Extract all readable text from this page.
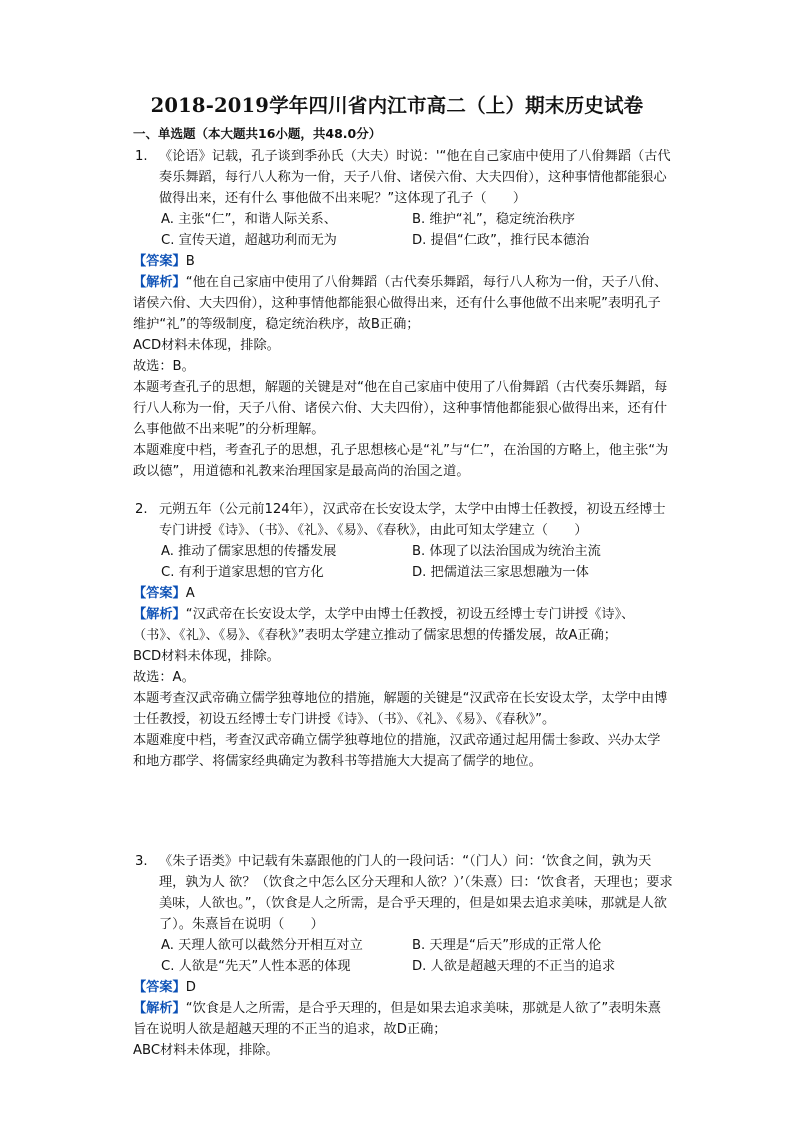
2018-2019学年四川省内江市高二（上）期末历史试卷
一、单选题（本大题共16小题，共48.0分）
1. 《论语》记载，孔子谈到季孙氏（大夫）时说：'“他在自己家庙中使用了八佾舞蹈（古代奏乐舞蹈，每行八人称为一佾，天子八佾、诸侯六佾、大夫四佾），这种事情他都能狠心做得出来，还有什么 事他做不出来呢？”这体现了孔子（　　）
A. 主张“仁”，和谐人际关系、	B. 维护“礼”，稳定统治秩序
C. 宣传天道，超越功利而无为	D. 提倡“仁政”，推行民本德治
【答案】B
【解析】“他在自己家庙中使用了八佾舞蹈（古代奏乐舞蹈，每行八人称为一佾，天子八佾、诸侯六佾、大夫四佾），这种事情他都能狠心做得出来，还有什么事他做不出来呢”表明孔子维护“礼”的等级制度，稳定统治秩序，故B正确；
ACD材料未体现，排除。
故选：B。
本题考查孔子的思想，解题的关键是对“他在自己家庙中使用了八佾舞蹈（古代奏乐舞蹈，每行八人称为一佾，天子八佾、诸侯六佾、大夫四佾），这种事情他都能狠心做得出来，还有什么事他做不出来呢”的分析理解。
本题难度中档，考查孔子的思想，孔子思想核心是“礼”与“仁”，在治国的方略上，他主张“为政以德”，用道德和礼教来治理国家是最高尚的治国之道。
2. 元朔五年（公元前124年），汉武帝在长安设太学，太学中由博士任教授，初设五经博士专门讲授《诗》、（书》、《礼》、《易》、《春秋》，由此可知太学建立（　　）
A. 推动了儒家思想的传播发展	B. 体现了以法治国成为统治主流
C. 有利于道家思想的官方化	D. 把儒道法三家思想融为一体
【答案】A
【解析】“汉武帝在长安设太学，太学中由博士任教授，初设五经博士专门讲授《诗》、（书》、《礼》、《易》、《春秋》”表明太学建立推动了儒家思想的传播发展，故A正确；
BCD材料未体现，排除。
故选：A。
本题考查汉武帝确立儒学独尊地位的措施，解题的关键是“汉武帝在长安设太学，太学中由博士任教授，初设五经博士专门讲授《诗》、（书》、《礼》、《易》、《春秋》”。
本题难度中档，考查汉武帝确立儒学独尊地位的措施，汉武帝通过起用儒士参政、兴办太学和地方郡学、将儒家经典确定为教科书等措施大大提高了儒学的地位。
3. 《朱子语类》中记载有朱嘉跟他的门人的一段问话：“（门人）问：‘饮食之间，孰为天理，孰为人 欲？（饮食之中怎么区分天理和人欲？）’（朱熹）曰：‘饮食者，天理也；要求美味，人欲也。”，（饮食是人之所需，是合乎天理的，但是如果去追求美味，那就是人欲了）。朱熹旨在说明（　　）
A. 天理人欲可以截然分开相互对立	B. 天理是“后天”形成的正常人伦
C. 人欲是“先天”人性本恶的体现	D. 人欲是超越天理的不正当的追求
【答案】D
【解析】“饮食是人之所需，是合乎天理的，但是如果去追求美味，那就是人欲了”表明朱熹旨在说明人欲是超越天理的不正当的追求，故D正确；
ABC材料未体现，排除。
